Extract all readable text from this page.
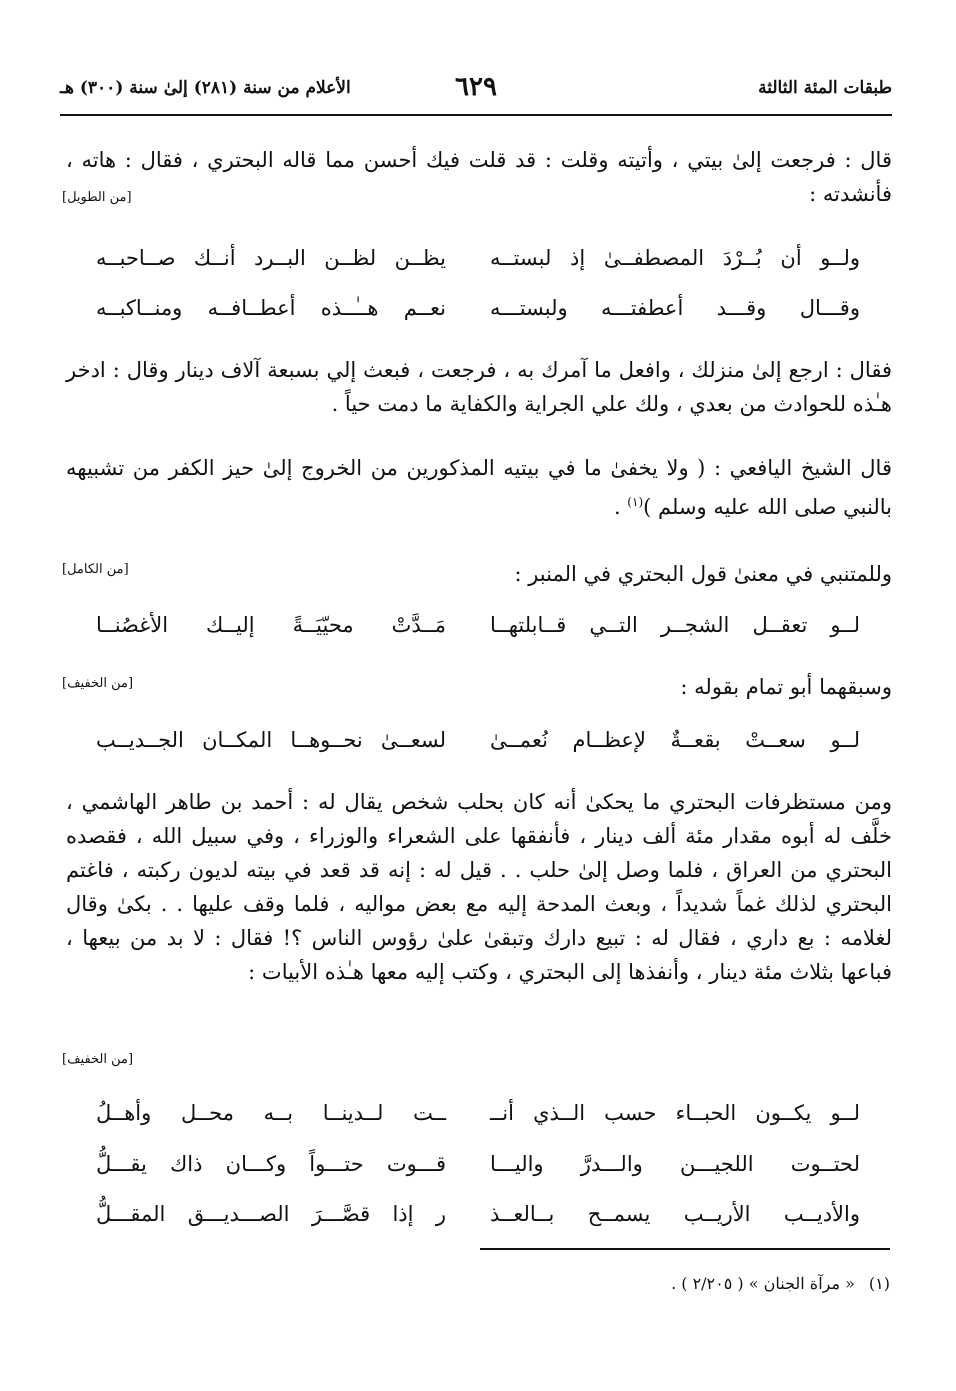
طبقات المئة الثالثة
٦٢٩
الأعلام من سنة (٢٨١) إلىٰ سنة (٣٠٠) هـ
قال : فرجعت إلىٰ بيتي ، وأتيته وقلت : قد قلت فيك أحسن مما قاله البحتري ، فقال : هاته ، فأنشدته :
[من الطويل]
ولــو أن بُــرْدَ المصطفــىٰ إذ لبستــه
يظــن لظــن البــرد أنــك صــاحبــه
وقـــال وقـــد أعطفتـــه ولبستـــه
نعــم هــٰــذه أعطــافــه ومنــاكبــه
فقال : ارجع إلىٰ منزلك ، وافعل ما آمرك به ، فرجعت ، فبعث إلي بسبعة آلاف دينار وقال : ادخر هـٰذه للحوادث من بعدي ، ولك علي الجراية والكفاية ما دمت حياً .
قال الشيخ اليافعي : ( ولا يخفىٰ ما في بيتيه المذكورين من الخروج إلىٰ حيز الكفر من تشبيهه بالنبي صلى الله عليه وسلم )$^{(١)}$ .
وللمتنبي في معنىٰ قول البحتري في المنبر :
[من الكامل]
لــو تعقــل الشجــر التــي قــابلتهــا
مَــدَّتْ محيّيَــةً إليــك الأغصُنــا
وسبقهما أبو تمام بقوله :
[من الخفيف]
لــو سعــتْ بقعــةٌ لإعظــام نُعمــىٰ
لسعــىٰ نحــوهــا المكــان الجــديــب
ومن مستظرفات البحتري ما يحكىٰ أنه كان بحلب شخص يقال له : أحمد بن طاهر الهاشمي ، خلَّف له أبوه مقدار مئة ألف دينار ، فأنفقها على الشعراء والوزراء ، وفي سبيل الله ، فقصده البحتري من العراق ، فلما وصل إلىٰ حلب . . قيل له : إنه قد قعد في بيته لديون ركبته ، فاغتم البحتري لذلك غماً شديداً ، وبعث المدحة إليه مع بعض مواليه ، فلما وقف عليها . . بكىٰ وقال لغلامه : بع داري ، فقال له : تبيع دارك وتبقىٰ علىٰ رؤوس الناس ؟! فقال : لا بد من بيعها ، فباعها بثلاث مئة دينار ، وأنفذها إلى البحتري ، وكتب إليه معها هـٰذه الأبيات :
[من الخفيف]
لــو يكــون الحبــاء حسب الــذي أنــ
ــت لــدينــا بــه محــل وأهــلُ
لحتــوت اللجيـــن والـــدرَّ واليـــا
قـــوت حتـــواً وكـــان ذاك يقـــلُّ
والأديــب الأريــب يسمــح بــالعــذ
ر إذا قصَّـــرَ الصـــديـــق المقـــلُّ
(١)« مرآة الجنان » ( ٢/٢٠٥ ) .
